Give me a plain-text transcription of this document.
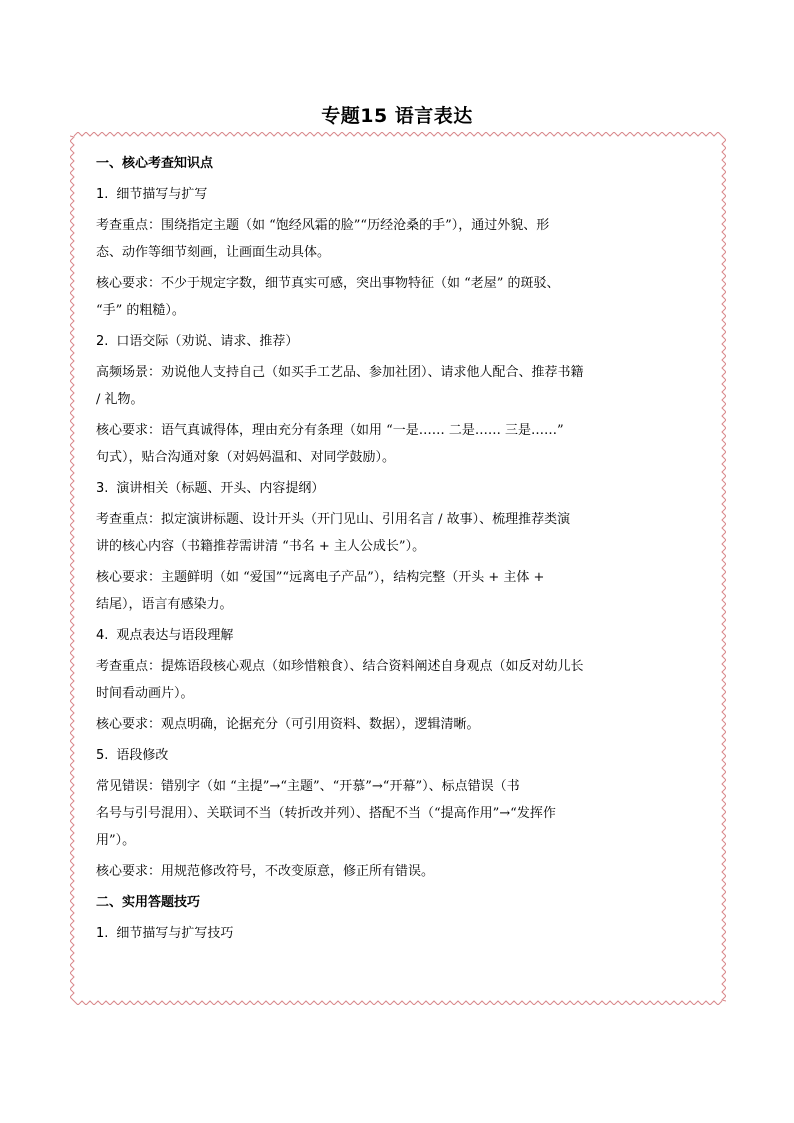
专题15 语言表达
一、核心考查知识点
1. 细节描写与扩写
考查重点：围绕指定主题（如 “饱经风霜的脸”“历经沧桑的手”），通过外貌、形
态、动作等细节刻画，让画面生动具体。
核心要求：不少于规定字数，细节真实可感，突出事物特征（如 “老屋” 的斑驳、
“手” 的粗糙）。
2. 口语交际（劝说、请求、推荐）
高频场景：劝说他人支持自己（如买手工艺品、参加社团）、请求他人配合、推荐书籍
/ 礼物。
核心要求：语气真诚得体，理由充分有条理（如用 “一是…… 二是…… 三是……”
句式），贴合沟通对象（对妈妈温和、对同学鼓励）。
3. 演讲相关（标题、开头、内容提纲）
考查重点：拟定演讲标题、设计开头（开门见山、引用名言 / 故事）、梳理推荐类演
讲的核心内容（书籍推荐需讲清 “书名 + 主人公成长”）。
核心要求：主题鲜明（如 “爱国”“远离电子产品”），结构完整（开头 + 主体 +
结尾），语言有感染力。
4. 观点表达与语段理解
考查重点：提炼语段核心观点（如珍惜粮食）、结合资料阐述自身观点（如反对幼儿长
时间看动画片）。
核心要求：观点明确，论据充分（可引用资料、数据），逻辑清晰。
5. 语段修改
常见错误：错别字（如 “主提”→“主题”、“开慕”→“开幕”）、标点错误（书
名号与引号混用）、关联词不当（转折改并列）、搭配不当（“提高作用”→“发挥作
用”）。
核心要求：用规范修改符号，不改变原意，修正所有错误。
二、实用答题技巧
1. 细节描写与扩写技巧
